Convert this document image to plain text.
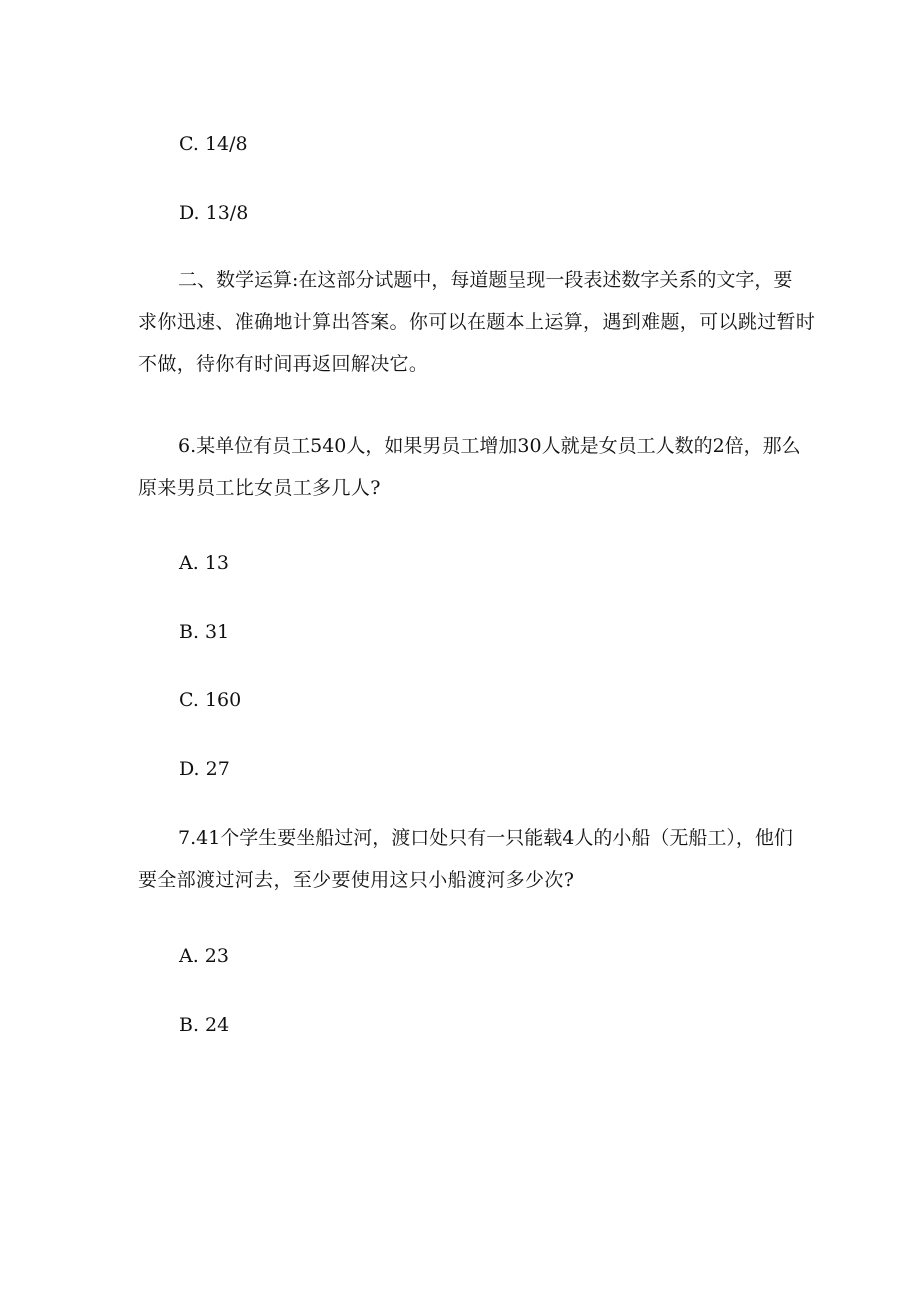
C. 14/8

D. 13/8

二、数学运算:在这部分试题中，每道题呈现一段表述数字关系的文字，要
求你迅速、准确地计算出答案。你可以在题本上运算，遇到难题，可以跳过暂时
不做，待你有时间再返回解决它。
6.某单位有员工540人，如果男员工增加30人就是女员工人数的2倍，那么
原来男员工比女员工多几人?

A. 13

B. 31

C. 160

D. 27

7.41个学生要坐船过河，渡口处只有一只能载4人的小船（无船工），他们
要全部渡过河去，至少要使用这只小船渡河多少次?

A. 23

B. 24
